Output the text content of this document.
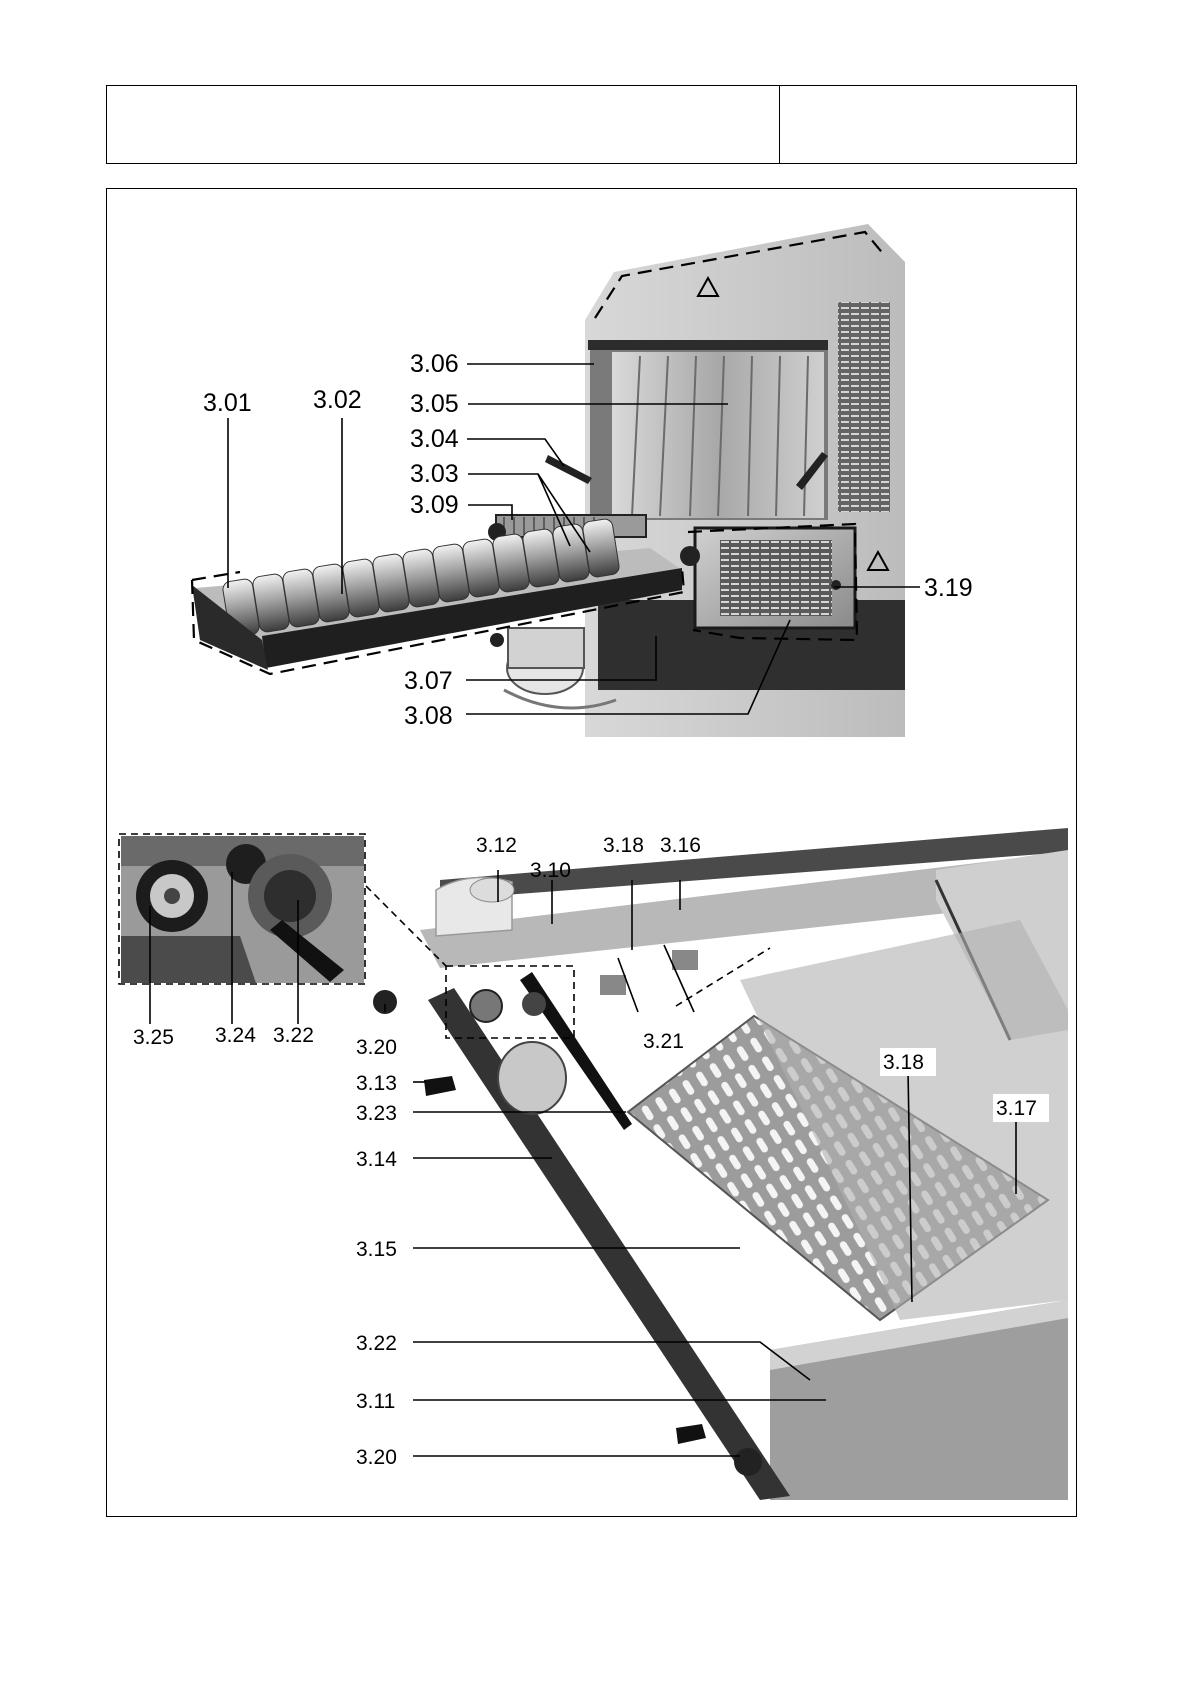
3.01 3.02
3.06
3.05
3.04
3.03
3.09
3.19
3.07
3.08
3.12
3.10
3.18 3.16
3.21
3.20
3.13
3.23
3.14
3.15
3.22
3.11
3.20
3.18
3.17
3.25 3.24 3.22
